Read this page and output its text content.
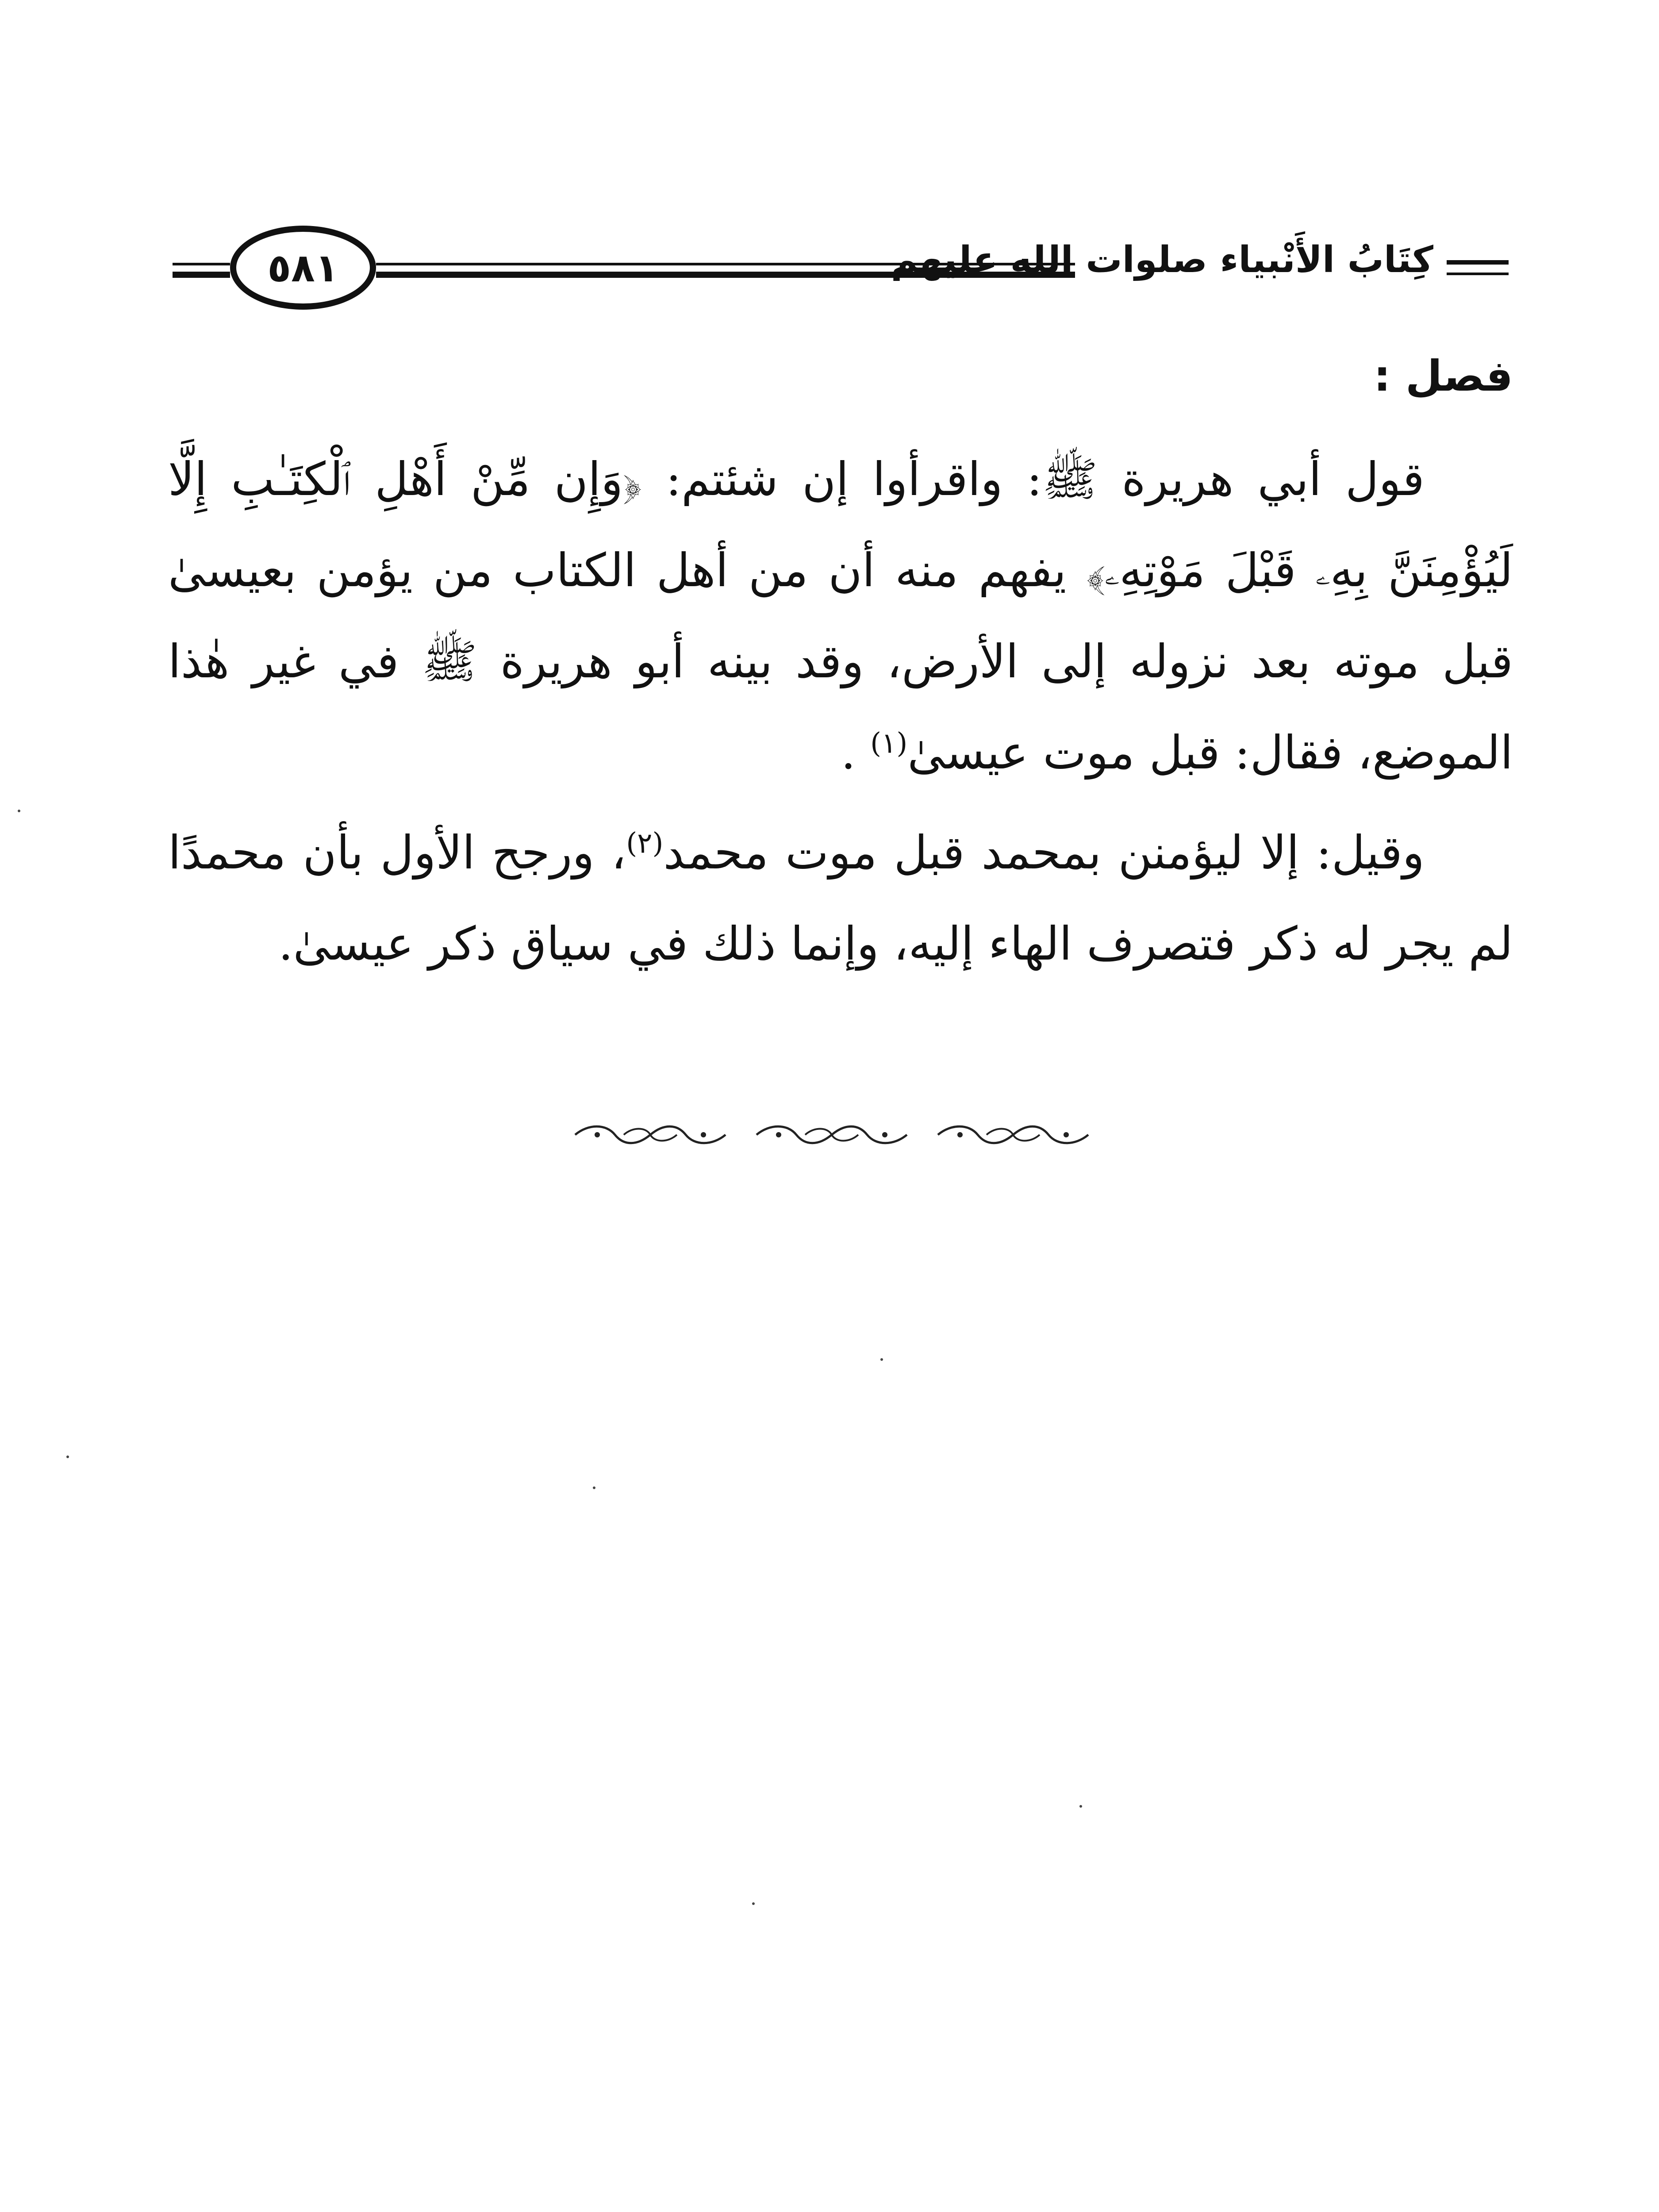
٥٨١	كِتَابُ الأَنْبياء صلوات الله عليهم
فصل :

قول أبي هريرة ﷺ: واقرأوا إن شئتم: ﴿وَإِن مِّنْ أَهْلِ ٱلْكِتَـٰبِ إِلَّا لَيُؤْمِنَنَّ بِهِۦ قَبْلَ مَوْتِهِۦ﴾ يفهم منه أن من أهل الكتاب من يؤمن بعيسىٰ قبل موته بعد نزوله إلى الأرض، وقد بينه أبو هريرة ﷺ في غير هٰذا الموضع، فقال: قبل موت عيسىٰ$^{(١)}$ .

وقيل: إلا ليؤمنن بمحمد قبل موت محمد$^{(٢)}$، ورجح الأول بأن محمدًا لم يجر له ذكر فتصرف الهاء إليه، وإنما ذلك في سياق ذكر عيسىٰ.
